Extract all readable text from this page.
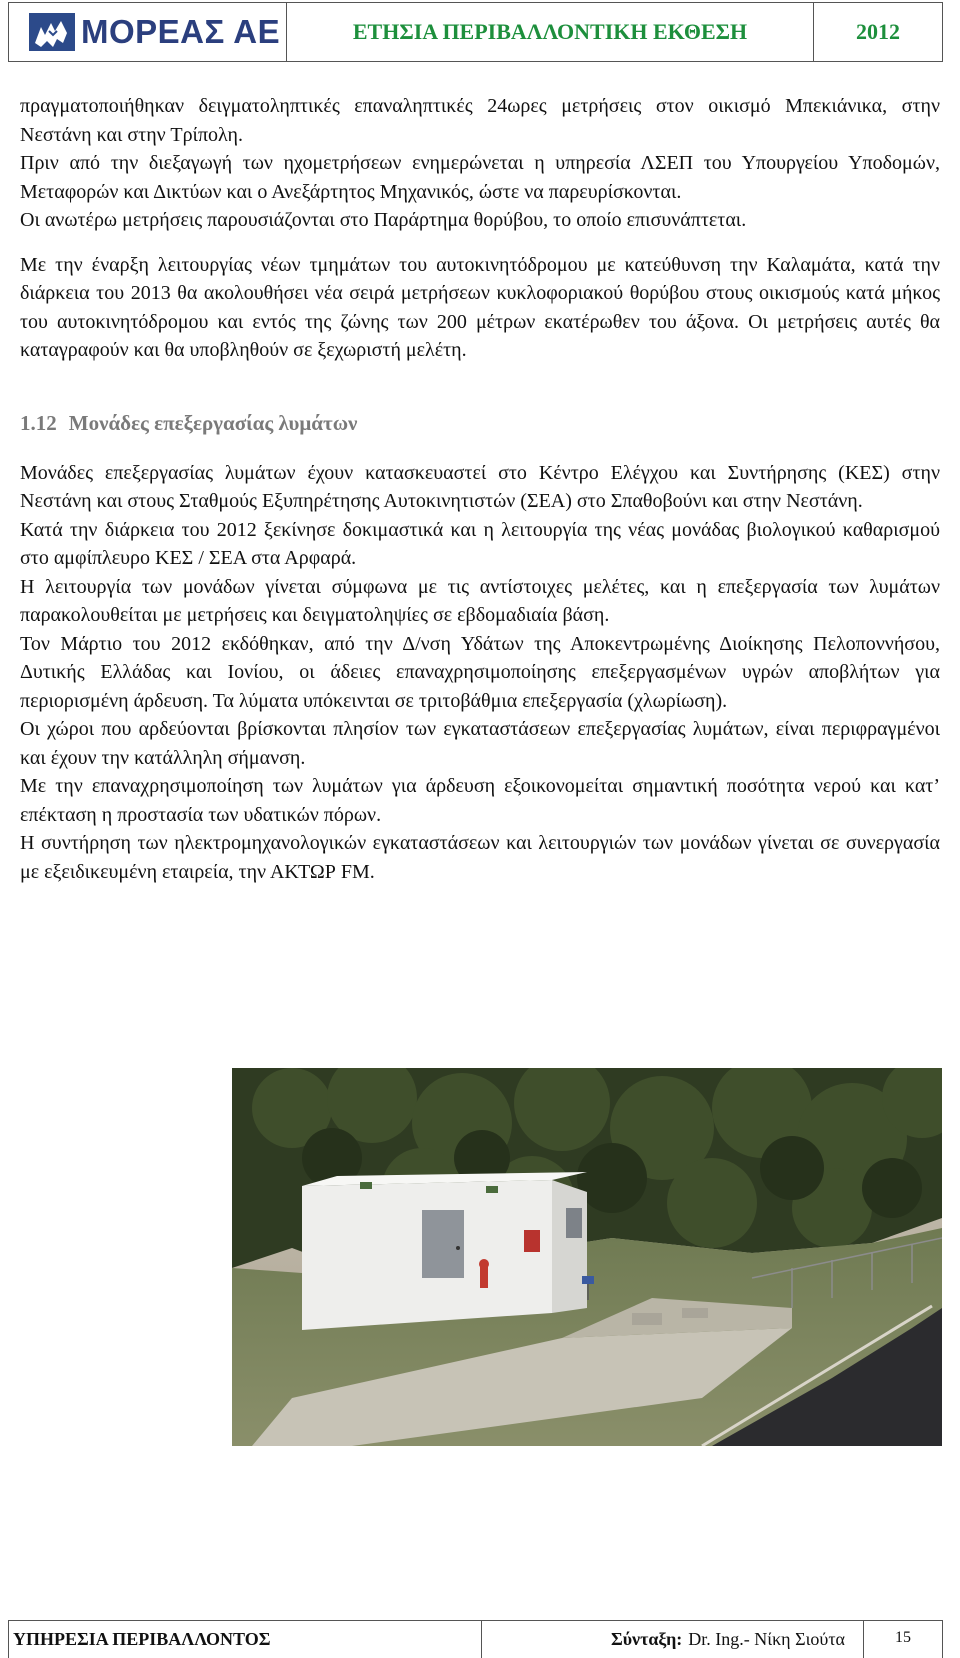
ΜΟΡΕΑΣ ΑΕ	ΕΤΗΣΙΑ ΠΕΡΙΒΑΛΛΟΝΤΙΚΗ ΕΚΘΕΣΗ	2012

πραγματοποιήθηκαν δειγματοληπτικές επαναληπτικές 24ωρες μετρήσεις στον οικισμό Μπεκιάνικα, στην Νεστάνη και στην Τρίπολη.

Πριν από την διεξαγωγή των ηχομετρήσεων ενημερώνεται η υπηρεσία ΛΣΕΠ του Υπουργείου Υποδομών, Μεταφορών και Δικτύων και ο Ανεξάρτητος Μηχανικός, ώστε να παρευρίσκονται.

Οι ανωτέρω μετρήσεις παρουσιάζονται στο Παράρτημα θορύβου, το οποίο επισυνάπτεται.

Με την έναρξη λειτουργίας νέων τμημάτων του αυτοκινητόδρομου με κατεύθυνση την Καλαμάτα, κατά την διάρκεια του 2013 θα ακολουθήσει νέα σειρά μετρήσεων κυκλοφοριακού θορύβου στους οικισμούς κατά μήκος του αυτοκινητόδρομου και εντός της ζώνης των 200 μέτρων εκατέρωθεν του άξονα. Οι μετρήσεις αυτές θα καταγραφούν και θα υποβληθούν σε ξεχωριστή μελέτη.

1.12 Μονάδες επεξεργασίας λυμάτων

Μονάδες επεξεργασίας λυμάτων έχουν κατασκευαστεί στο Κέντρο Ελέγχου και Συντήρησης (ΚΕΣ) στην Νεστάνη και στους Σταθμούς Εξυπηρέτησης Αυτοκινητιστών (ΣΕΑ) στο Σπαθοβούνι και στην Νεστάνη.

Κατά την διάρκεια του 2012 ξεκίνησε δοκιμαστικά και η λειτουργία της νέας μονάδας βιολογικού καθαρισμού στο αμφίπλευρο ΚΕΣ / ΣΕΑ στα Αρφαρά.

Η λειτουργία των μονάδων γίνεται σύμφωνα με τις αντίστοιχες μελέτες, και η επεξεργασία των λυμάτων παρακολουθείται με μετρήσεις και δειγματοληψίες σε εβδομαδιαία βάση.

Τον Μάρτιο του 2012 εκδόθηκαν, από την Δ/νση Υδάτων της Αποκεντρωμένης Διοίκησης Πελοποννήσου, Δυτικής Ελλάδας και Ιονίου, οι άδειες επαναχρησιμοποίησης επεξεργασμένων υγρών αποβλήτων για περιορισμένη άρδευση. Τα λύματα υπόκεινται σε τριτοβάθμια επεξεργασία (χλωρίωση).

Οι χώροι που αρδεύονται βρίσκονται πλησίον των εγκαταστάσεων επεξεργασίας λυμάτων, είναι περιφραγμένοι και έχουν την κατάλληλη σήμανση.

Με την επαναχρησιμοποίηση των λυμάτων για άρδευση εξοικονομείται σημαντική ποσότητα νερού και κατ’ επέκταση η προστασία των υδατικών πόρων.

Η συντήρηση των ηλεκτρομηχανολογικών εγκαταστάσεων και λειτουργιών των μονάδων γίνεται σε συνεργασία με εξειδικευμένη εταιρεία, την ΑΚΤΩΡ FM.

ΥΠΗΡΕΣΙΑ ΠΕΡΙΒΑΛΛΟΝΤΟΣ	Σύνταξη: Dr. Ing.- Νίκη Σιούτα	15
